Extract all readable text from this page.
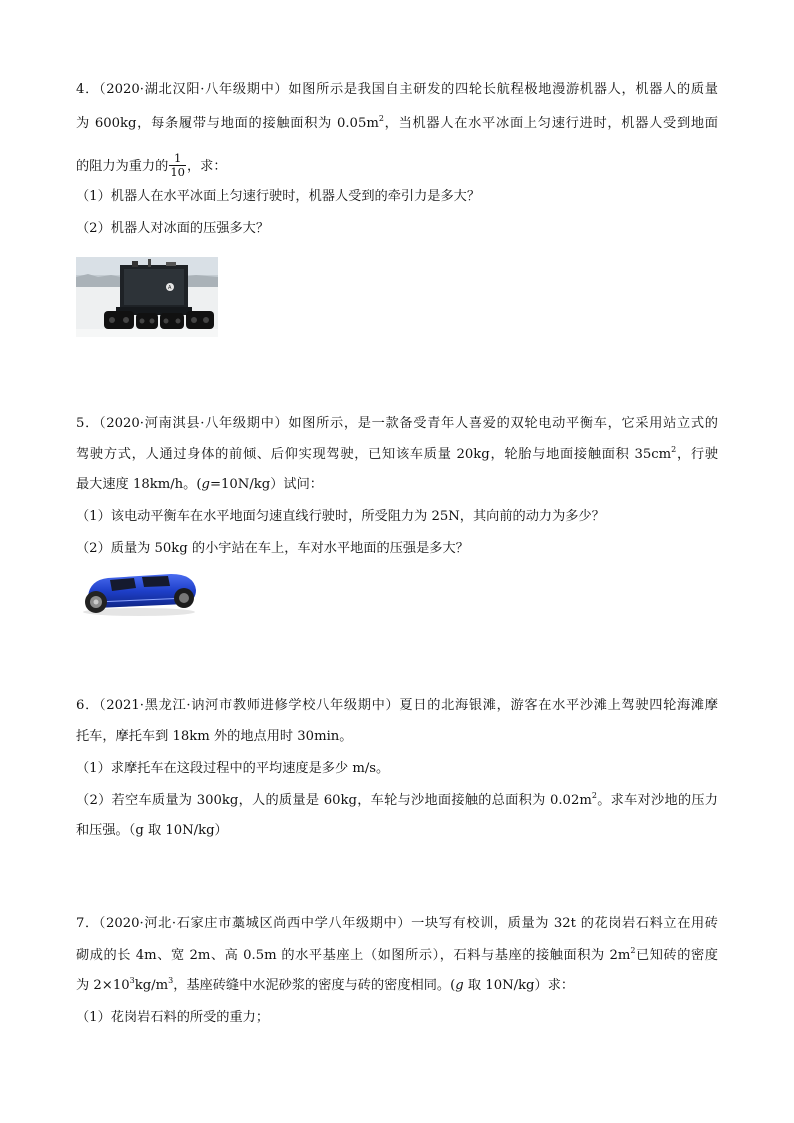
4．（2020·湖北汉阳·八年级期中）如图所示是我国自主研发的四轮长航程极地漫游机器人，机器人的质量
为 600kg，每条履带与地面的接触面积为 $0.05m^2$，当机器人在水平冰面上匀速行进时，机器人受到地面
的阻力为重力的 $\frac{1}{10}$ ，求：
（1）机器人在水平冰面上匀速行驶时，机器人受到的牵引力是多大？
（2）机器人对冰面的压强多大？
A
5．（2020·河南淇县·八年级期中）如图所示，是一款备受青年人喜爱的双轮电动平衡车，它采用站立式的
驾驶方式，人通过身体的前倾、后仰实现驾驶，已知该车质量 20kg，轮胎与地面接触面积 $35cm^2$，行驶
最大速度 18km/h。(g=10N/kg）试问：
（1）该电动平衡车在水平地面匀速直线行驶时，所受阻力为 25N，其向前的动力为多少？
（2）质量为 50kg 的小宇站在车上，车对水平地面的压强是多大？
6．（2021·黑龙江·讷河市教师进修学校八年级期中）夏日的北海银滩，游客在水平沙滩上驾驶四轮海滩摩
托车，摩托车到 18km 外的地点用时 30min。
（1）求摩托车在这段过程中的平均速度是多少 m/s。
（2）若空车质量为 300kg，人的质量是 60kg，车轮与沙地面接触的总面积为 $0.02m^2$。求车对沙地的压力
和压强。（g 取 10N/kg）
7．（2020·河北·石家庄市藁城区尚西中学八年级期中）一块写有校训，质量为 32t 的花岗岩石料立在用砖
砌成的长 4m、宽 2m、高 0.5m 的水平基座上（如图所示），石料与基座的接触面积为 $2m^2$已知砖的密度
为 $2\times 10^3kg/m^3$，基座砖缝中水泥砂浆的密度与砖的密度相同。(g 取 10N/kg）求：
（1）花岗岩石料的所受的重力；
